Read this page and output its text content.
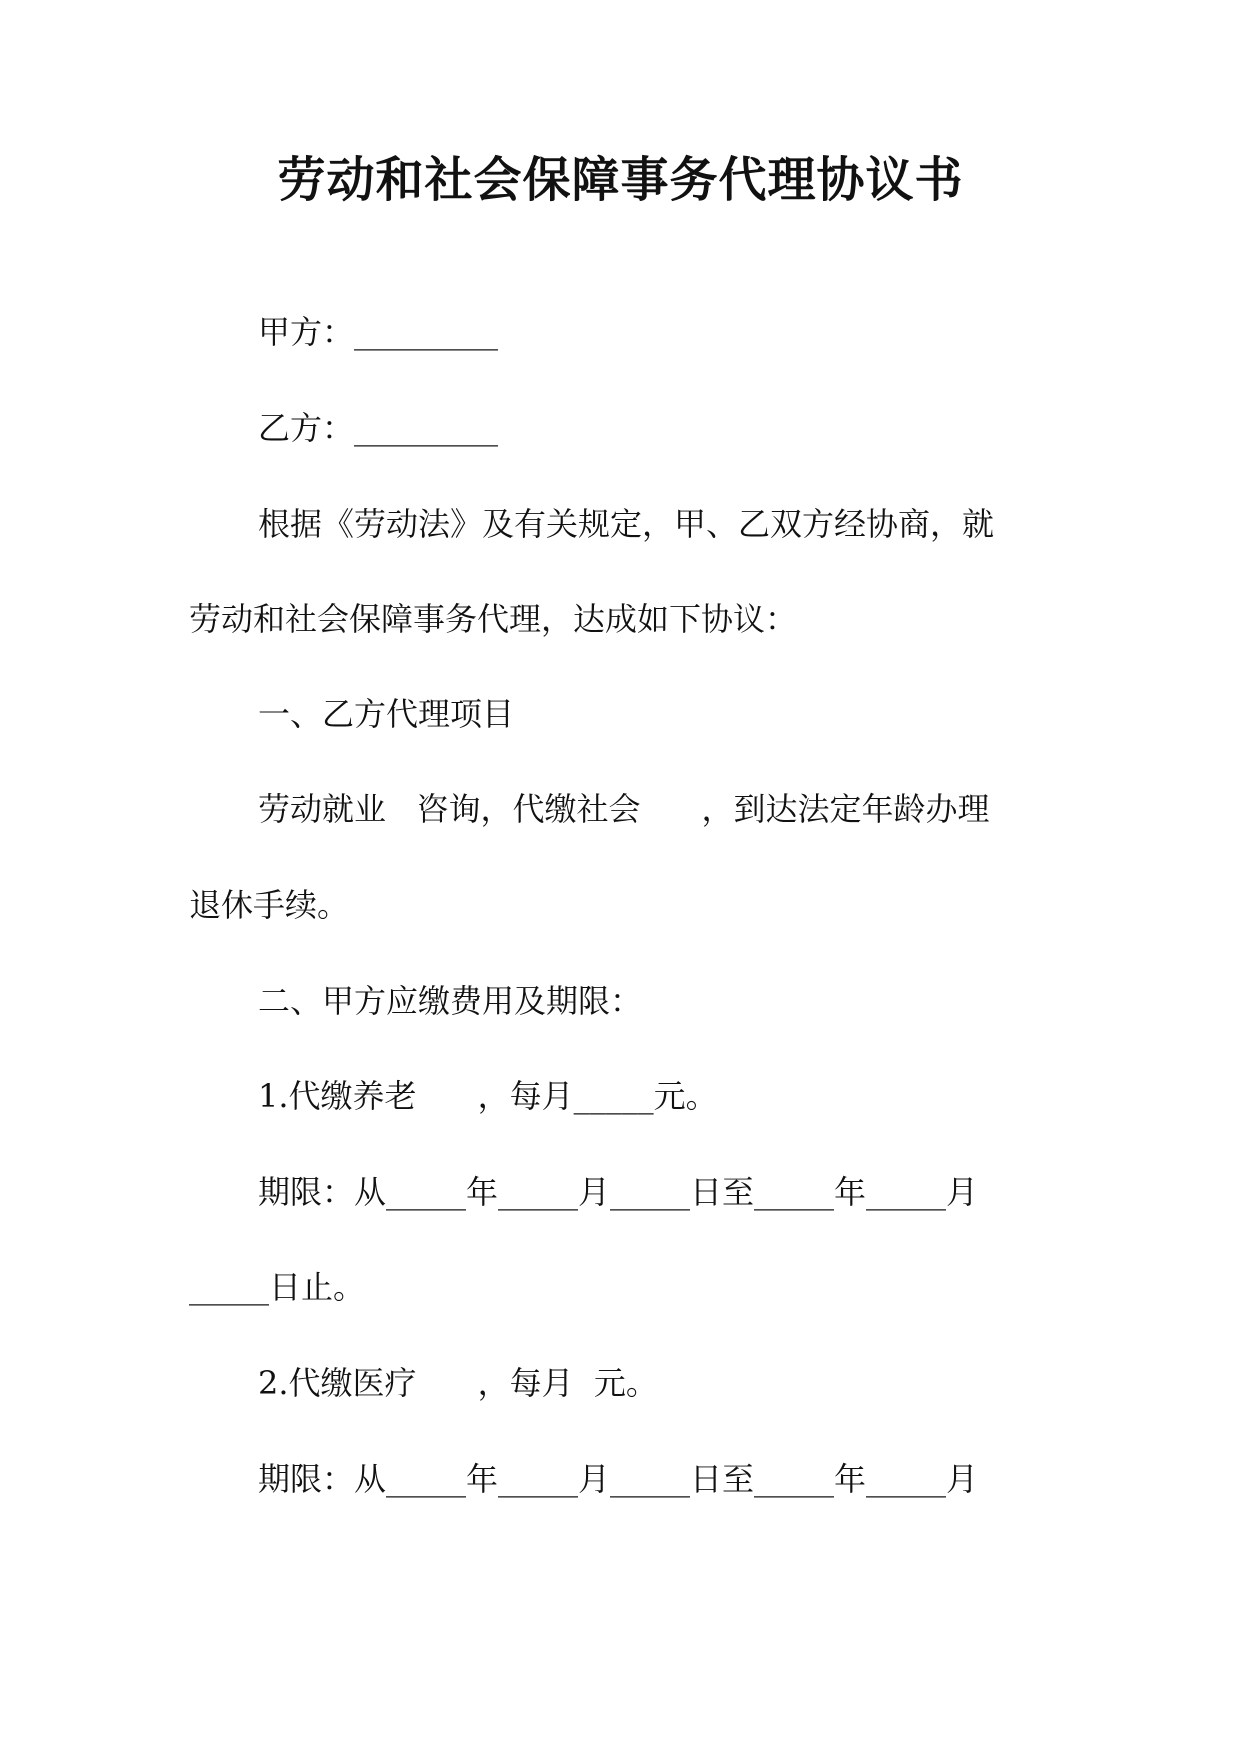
劳动和社会保障事务代理协议书
甲方：_________
乙方：_________
根据《劳动法》及有关规定，甲、乙双方经协商，就
劳动和社会保障事务代理，达成如下协议：
一、乙方代理项目
劳动就业   咨询，代缴社会      ，到达法定年龄办理
退休手续。
二、甲方应缴费用及期限：
1.代缴养老      ，每月_____元。
期限：从_____年_____月_____日至_____年_____月
_____日止。
2.代缴医疗      ，每月  元。
期限：从_____年_____月_____日至_____年_____月
